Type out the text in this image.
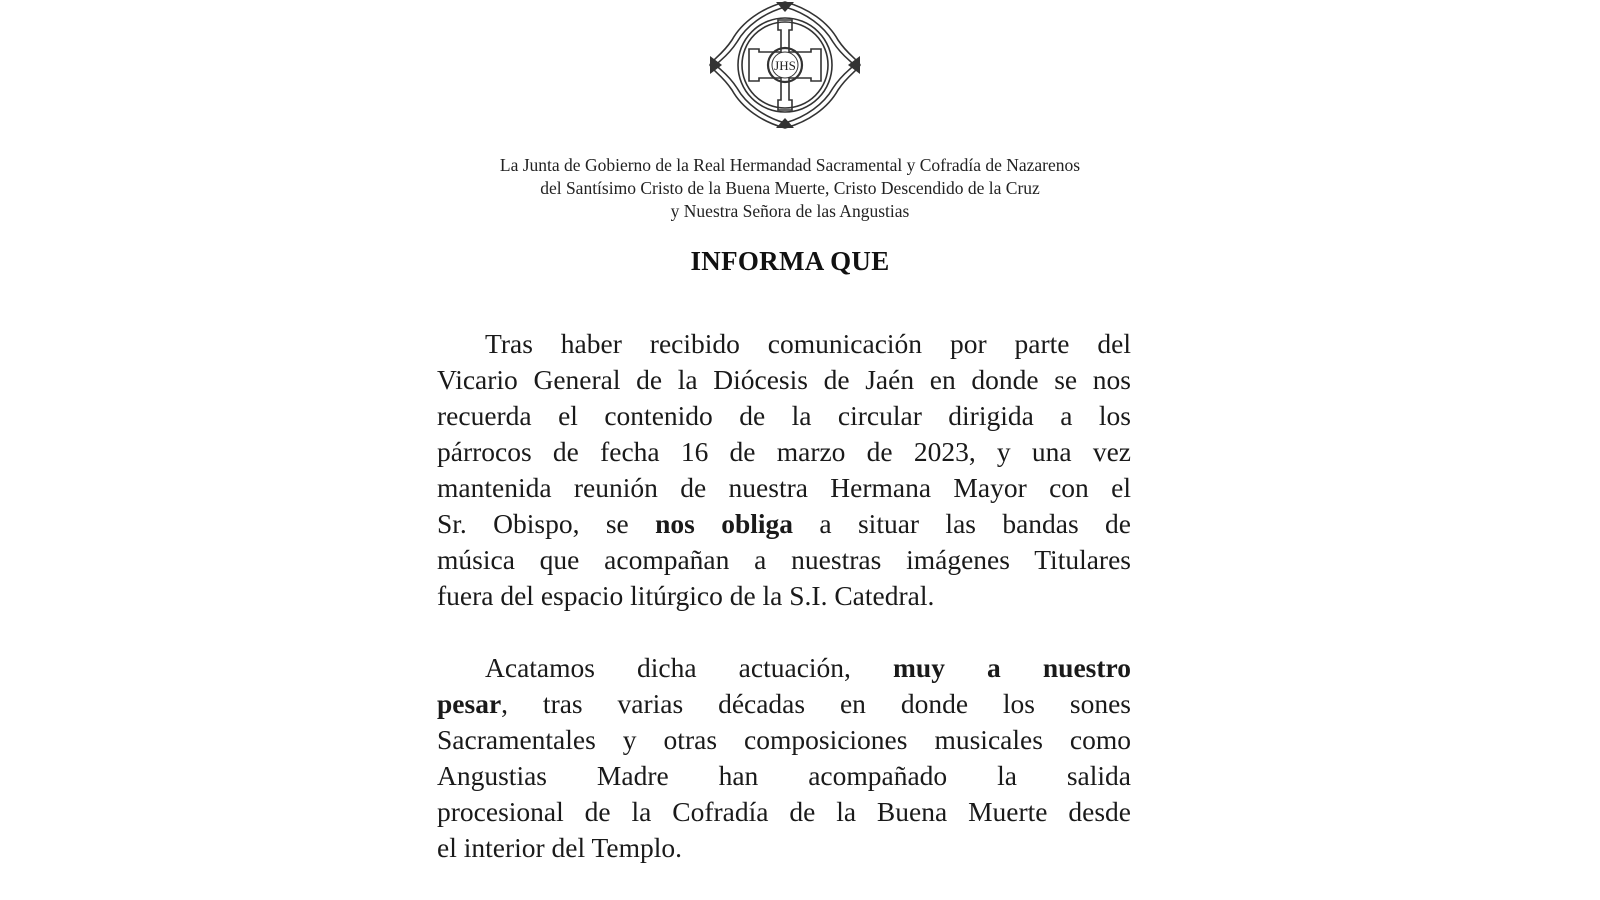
JHS
La Junta de Gobierno de la Real Hermandad Sacramental y Cofradía de Nazarenos
del Santísimo Cristo de la Buena Muerte, Cristo Descendido de la Cruz
y Nuestra Señora de las Angustias
INFORMA QUE

Tras haber recibido comunicación por parte del
Vicario General de la Diócesis de Jaén en donde se nos
recuerda el contenido de la circular dirigida a los
párrocos de fecha 16 de marzo de 2023, y una vez
mantenida reunión de nuestra Hermana Mayor con el
Sr. Obispo, se nos obliga a situar las bandas de
música que acompañan a nuestras imágenes Titulares
fuera del espacio litúrgico de la S.I. Catedral.

Acatamos dicha actuación, muy a nuestro
pesar, tras varias décadas en donde los sones
Sacramentales y otras composiciones musicales como
Angustias Madre han acompañado la salida
procesional de la Cofradía de la Buena Muerte desde
el interior del Templo.
